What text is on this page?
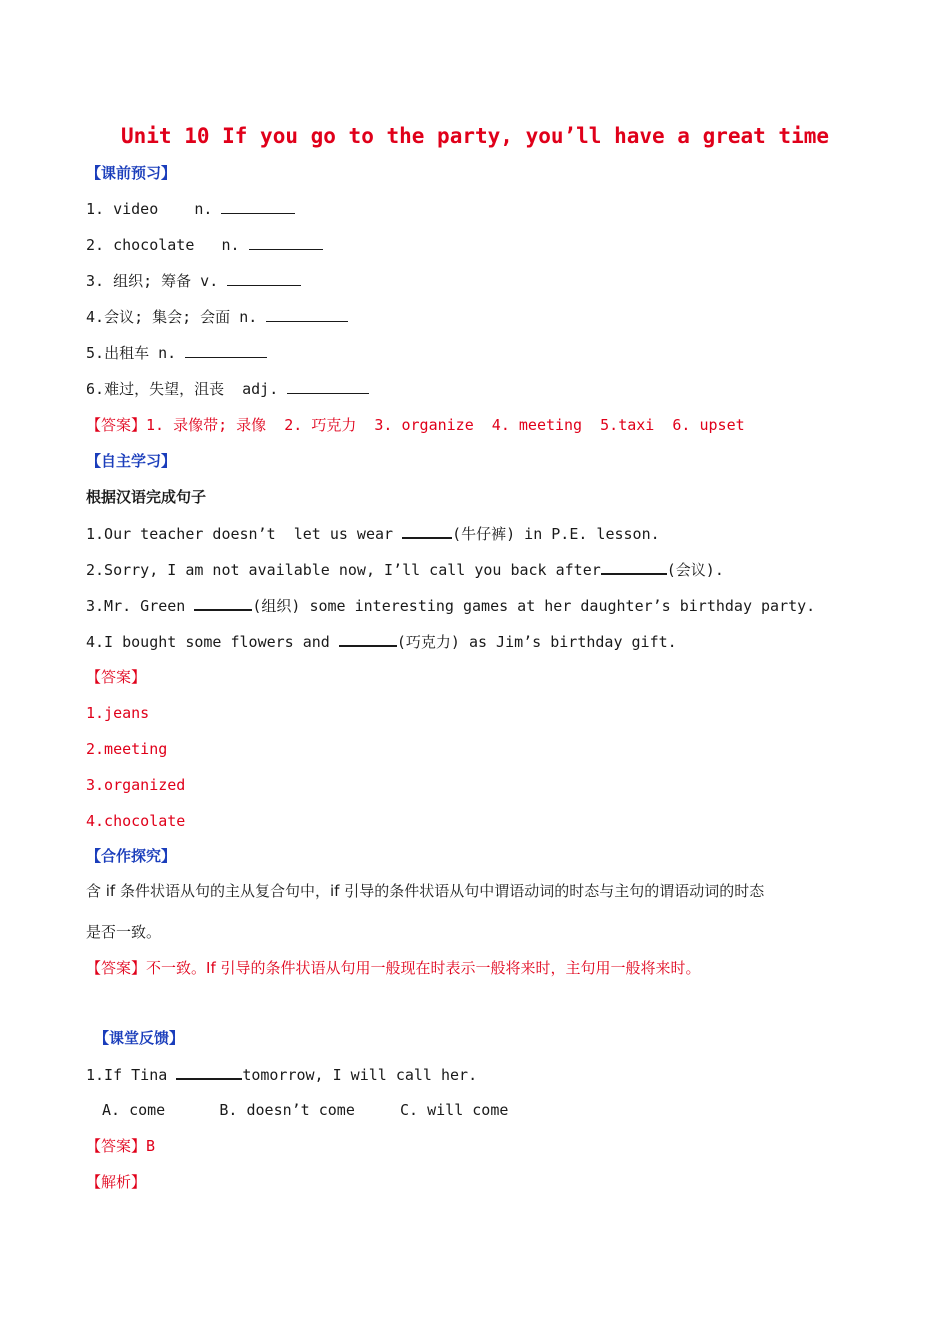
Unit 10 If you go to the party, you’ll have a great time
【课前预习】
1. video    n.
2. chocolate   n.
3. 组织; 筹备 v.
4.会议; 集会; 会面 n.
5.出租车 n.
6.难过，失望，沮丧  adj.
【答案】1. 录像带; 录像  2. 巧克力  3. organize  4. meeting  5.taxi  6. upset
【自主学习】
根据汉语完成句子
1.Our teacher doesn’t  let us wear	(牛仔裤) in P.E. lesson.
2.Sorry, I am not available now, I’ll call you back after	(会议).
3.Mr. Green	(组织) some interesting games at her daughter’s birthday party.
4.I bought some flowers and	(巧克力) as Jim’s birthday gift.
【答案】
1.jeans
2.meeting
3.organized
4.chocolate
【合作探究】
含 if 条件状语从句的主从复合句中，if 引导的条件状语从句中谓语动词的时态与主句的谓语动词的时态
是否一致。
【答案】不一致。If 引导的条件状语从句用一般现在时表示一般将来时，主句用一般将来时。
【课堂反馈】
1.If Tina	tomorrow, I will call her.
A. come      B. doesn’t come     C. will come
【答案】B
【解析】
